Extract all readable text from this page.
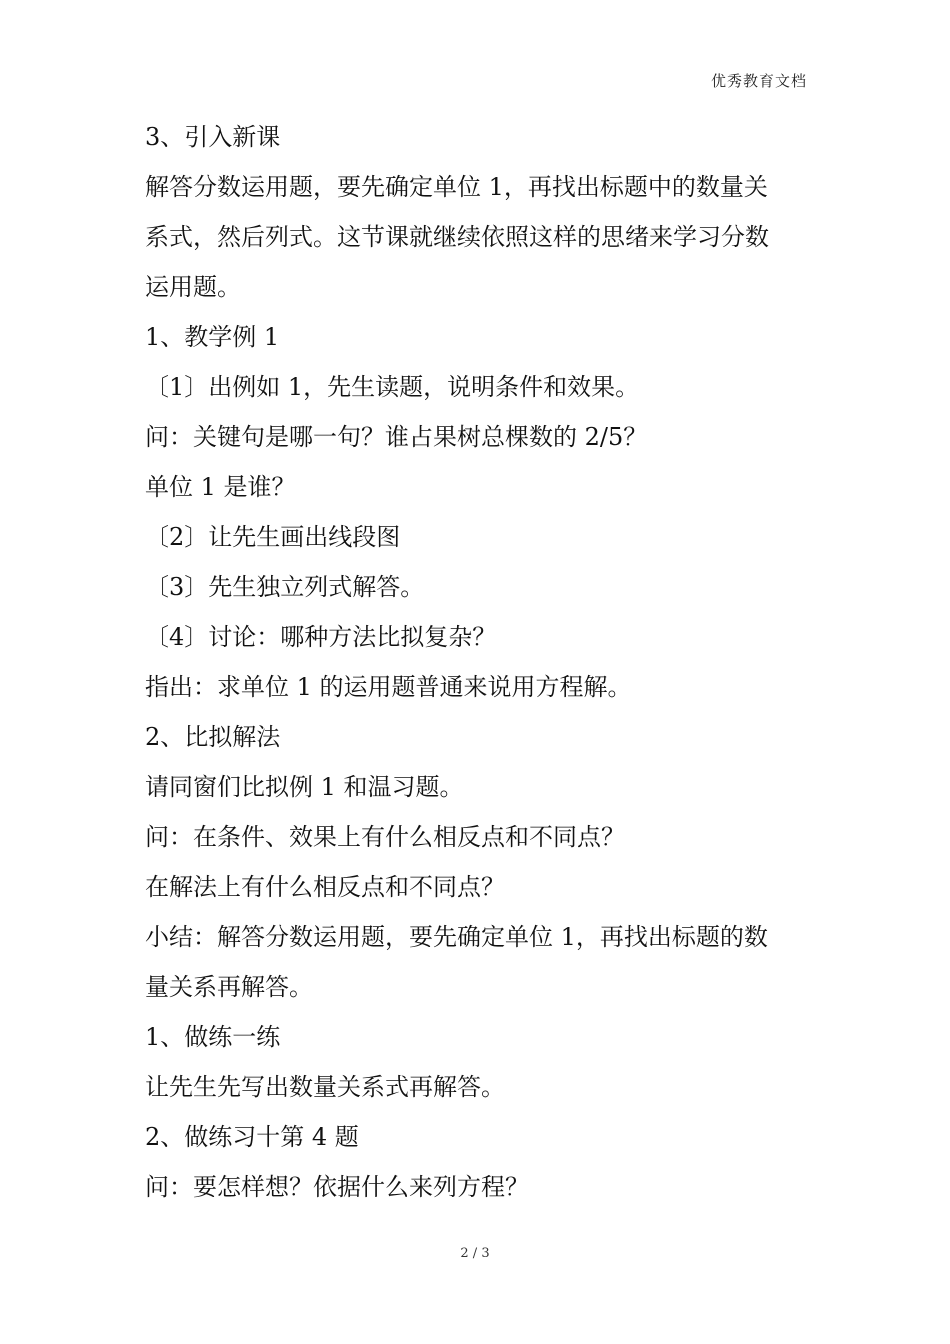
优秀教育文档
3、引入新课
解答分数运用题，要先确定单位 1，再找出标题中的数量关
系式，然后列式。这节课就继续依照这样的思绪来学习分数
运用题。
1、教学例 1
〔1〕出例如 1，先生读题，说明条件和效果。
问：关键句是哪一句？谁占果树总棵数的 2/5？
单位 1 是谁？
〔2〕让先生画出线段图
〔3〕先生独立列式解答。
〔4〕讨论：哪种方法比拟复杂？
指出：求单位 1 的运用题普通来说用方程解。
2、比拟解法
请同窗们比拟例 1 和温习题。
问：在条件、效果上有什么相反点和不同点？
在解法上有什么相反点和不同点？
小结：解答分数运用题，要先确定单位 1，再找出标题的数
量关系再解答。
1、做练一练
让先生先写出数量关系式再解答。
2、做练习十第 4 题
问：要怎样想？依据什么来列方程？
2 / 3
